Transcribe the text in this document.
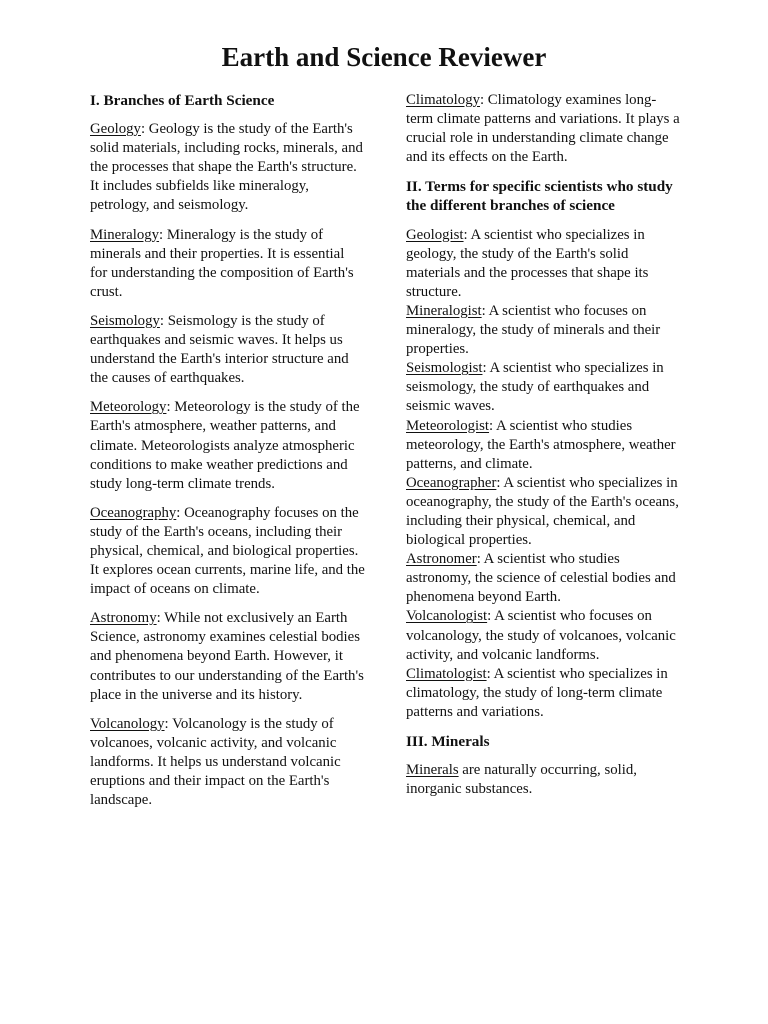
Earth and Science Reviewer
I. Branches of Earth Science

Geology: Geology is the study of the Earth's solid materials, including rocks, minerals, and the processes that shape the Earth's structure. It includes subfields like mineralogy, petrology, and seismology.

Mineralogy: Mineralogy is the study of minerals and their properties. It is essential for understanding the composition of Earth's crust.

Seismology: Seismology is the study of earthquakes and seismic waves. It helps us understand the Earth's interior structure and the causes of earthquakes.

Meteorology: Meteorology is the study of the Earth's atmosphere, weather patterns, and climate. Meteorologists analyze atmospheric conditions to make weather predictions and study long-term climate trends.

Oceanography: Oceanography focuses on the study of the Earth's oceans, including their physical, chemical, and biological properties. It explores ocean currents, marine life, and the impact of oceans on climate.

Astronomy: While not exclusively an Earth Science, astronomy examines celestial bodies and phenomena beyond Earth. However, it contributes to our understanding of the Earth's place in the universe and its history.

Volcanology: Volcanology is the study of volcanoes, volcanic activity, and volcanic landforms. It helps us understand volcanic eruptions and their impact on the Earth's landscape.

Climatology: Climatology examines long-term climate patterns and variations. It plays a crucial role in understanding climate change and its effects on the Earth.

II. Terms for specific scientists who study the different branches of science

Geologist: A scientist who specializes in geology, the study of the Earth's solid materials and the processes that shape its structure.

Mineralogist: A scientist who focuses on mineralogy, the study of minerals and their properties.

Seismologist: A scientist who specializes in seismology, the study of earthquakes and seismic waves.

Meteorologist: A scientist who studies meteorology, the Earth's atmosphere, weather patterns, and climate.

Oceanographer: A scientist who specializes in oceanography, the study of the Earth's oceans, including their physical, chemical, and biological properties.

Astronomer: A scientist who studies astronomy, the science of celestial bodies and phenomena beyond Earth.

Volcanologist: A scientist who focuses on volcanology, the study of volcanoes, volcanic activity, and volcanic landforms.

Climatologist: A scientist who specializes in climatology, the study of long-term climate patterns and variations.

III. Minerals

Minerals are naturally occurring, solid, inorganic substances.
